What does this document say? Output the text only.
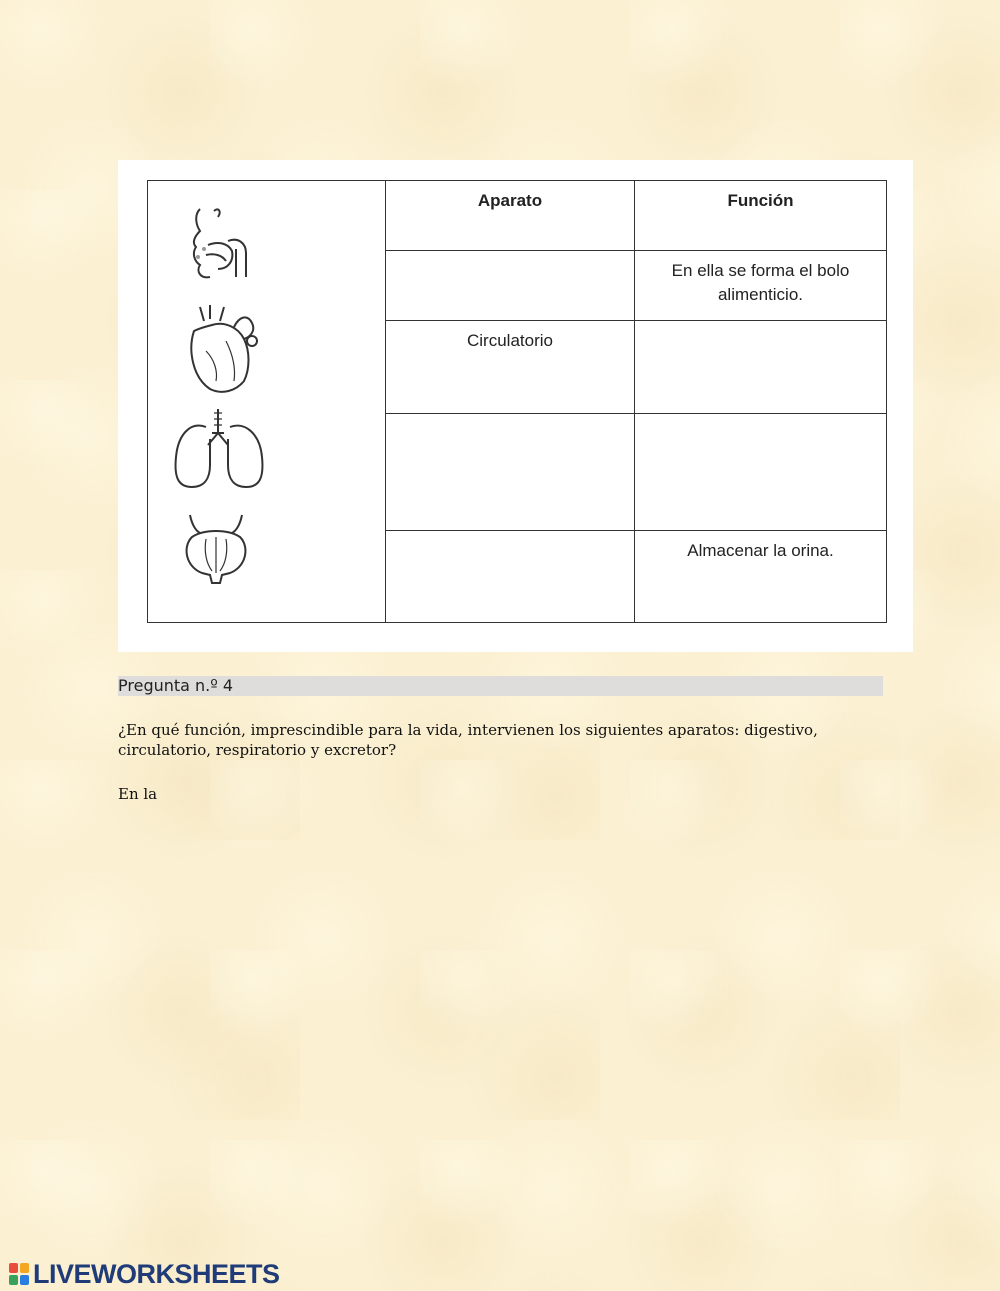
	Aparato	Función
		En ella se forma el bolo alimenticio.
	Circulatorio	

		Almacenar la orina.
Pregunta n.º 4
¿En qué función, imprescindible para la vida, intervienen los siguientes aparatos: digestivo, circulatorio, respiratorio y excretor?
En la
LIVEWORKSHEETS
